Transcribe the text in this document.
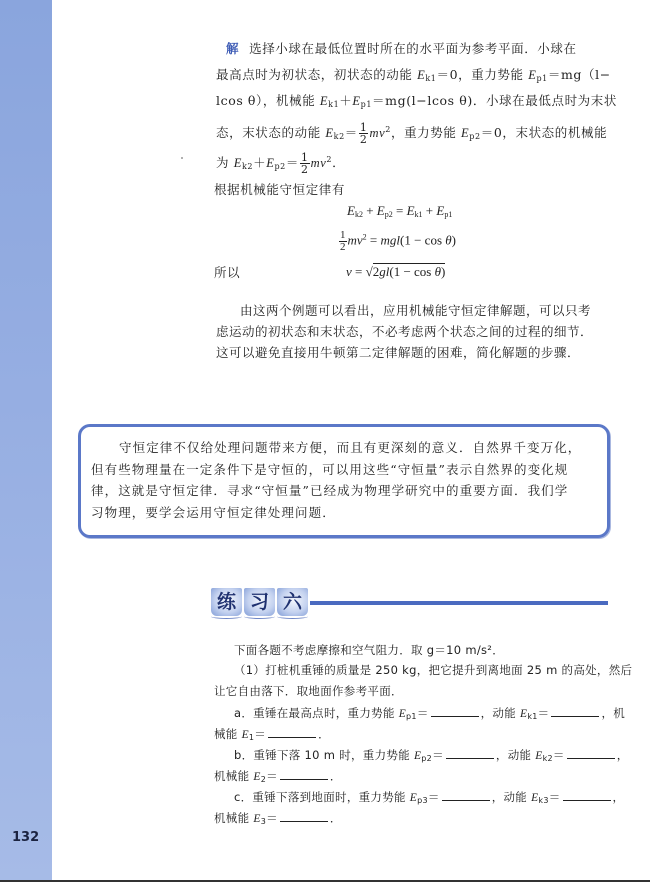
132
解 选择小球在最低位置时所在的水平面为参考平面．小球在
最高点时为初状态，初状态的动能 $E_{k1}=0$，重力势能 $E_{p1}=mg(l-$
lcos θ），机械能 $E_{k1}+E_{p1}=mg(l-lcos$ θ)．小球在最低点时为末状
态，末状态的动能 $E_{k2}= \frac{1}{2} mv^2$，重力势能 $E_{p2}=0$，末状态的机械能
为 $E_{k2}+E_{p2}= \frac{1}{2} mv^2$．
根据机械能守恒定律有
$E_{k2} + E_{p2} = E_{k1} + E_{p1}$
$\frac{1}{2} mv^2 = mgl(1 - \cos \theta)$
所以	v = √2gl(1 − cos θ)
由这两个例题可以看出，应用机械能守恒定律解题，可以只考
虑运动的初状态和末状态，不必考虑两个状态之间的过程的细节．
这可以避免直接用牛顿第二定律解题的困难，简化解题的步骤．
守恒定律不仅给处理问题带来方便，而且有更深刻的意义．自然界千变万化，
但有些物理量在一定条件下是守恒的，可以用这些“守恒量”表示自然界的变化规
律，这就是守恒定律．寻求“守恒量”已经成为物理学研究中的重要方面．我们学
习物理，要学会运用守恒定律处理问题．
练 习 六
下面各题不考虑摩擦和空气阻力．取 g＝10 m/s²．
（1）打桩机重锤的质量是 250 kg，把它提升到离地面 25 m 的高处，然后
让它自由落下．取地面作参考平面．
a．重锤在最高点时，重力势能 $E_{p1}=$	，动能 $E_{k1}=$	，机
械能 $E_1=$	．
b．重锤下落 10 m 时，重力势能 $E_{p2}=$	，动能 $E_{k2}=$	，
机械能 $E_2=$	．
c．重锤下落到地面时，重力势能 $E_{p3}=$	，动能 $E_{k3}=$	，
机械能 $E_3=$	．
